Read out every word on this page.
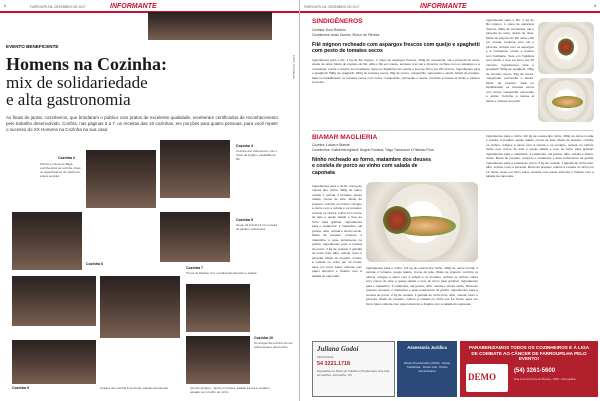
2	FARROUPILHA, DEZEMBRO DE 2017	INFORMANTE
EVENTO BENEFICENTE
Homens na Cozinha:
mix de solidariedade
e alta gastronomia
As finais do jantar, cozinheiros, que brindaram o público com pratos de excelente qualidade, receberam certificados de reconhecimento pelo trabalho desenvolvido. Confira, nas páginas 3 a 7, os receitas das 10 cozinhas, em porções para quatro pessoas, para você repetir o sucesso do XX Homens na Cozinha na sua casa
Fotos: Divulgação
Cozinha 2
Primos e primos do Bagé, cozinha atrás de cozinha, foram os organizadores do rodízio de pratos servidos
Cozinha 3
Cozinha dos Carrevieres, com o risoto de funghi e medalhão de filé
Cozinha 5
Grupo da cozinha 5 com receita de paella e sobremesa
Cozinha 6
Cozinha 7
Turma do Paraíso com o tradicional carreteiro e salada
Cozinha 9
Cozinha 10
Os amigos da cozinha 10 com sobremesas e doces finos
Amigos da cozinha 8 servindo massas artesanais	Quinze amigos... Entre os pratos: salada fresca e cordeiro assado com molho de vinho
FARROUPILHA, DEZEMBRO DE 2017	INFORMANTE	3
SINDIGÊNEROS
Cozinha: Dom Roberto
Cozinheiros: Assis Gomes, Silva e de Ferreira
Filé mignon recheado com aspargos frescos com queijo e spaghetti com pesto de tomates secos
Ingredientes para o filé: 1 kg de filé mignon, 1 maço de aspargos frescos, 200g de mussarela, sal e pimenta do reino, azeite de oliva. Modo de preparo do filé: abra o filé em manta, tempere com sal e pimenta, recheie com os aspargos e a mussarela, enrole e amarre com barbante. Sele em frigideira com azeite e leve ao forno por 25 minutos. Ingredientes para o spaghetti: 500g de spaghetti, 150g de tomates secos, 50g de nozes, manjericão, parmesão e azeite. Modo de preparo: bata no liquidificador os tomates secos com nozes, manjericão, parmesão e azeite. Cozinhe a massa al dente e misture ao pesto.
Ingredientes para o filé: 1 kg de filé mignon, 1 maço de aspargos frescos, 200g de mussarela, sal e pimenta do reino, azeite de oliva. Modo de preparo do filé: abra o filé em manta, tempere com sal e pimenta, recheie com os aspargos e a mussarela, enrole e amarre com barbante. Sele em frigideira com azeite e leve ao forno por 25 minutos. Ingredientes para o spaghetti: 500g de spaghetti, 150g de tomates secos, 50g de nozes, manjericão, parmesão e azeite. Modo de preparo: bata no liquidificador os tomates secos com nozes, manjericão, parmesão e azeite. Cozinhe a massa al dente e misture ao pesto.
BIAMAR MAGLIERIA
Cozinha: Lucian e Biamar
Cozinheiros: Guilherme Agliardi, Ângelo Fontana, Tiago Tomazzoni e Fabiano Fiore
Ninho recheado ao forno, matambre dos deuses e costela de porco ao vinho com salada de caponata
Ingredientes para o ninho: 1/2 kg de massa tipo ninho, 400g de carne moída, 1 cebola, 2 tomates, queijo ralado, creme de leite. Modo de preparo: cozinhe os ninhos, refogue a carne com a cebola e os tomates, recheie os ninhos, cubra com creme de leite e queijo ralado e leve ao forno para gratinar. Ingredientes para o matambre: 1 matambre, sal grosso, alho, cebola e cheiro-verde. Modo de preparo: tempere o matambre e asse lentamente na grelha. Ingredientes para a costela de porco: 2 kg de costela, 1 garrafa de vinho tinto, alho, cebola, louro e pimenta. Modo de preparo: marine a costela no vinho por 12 horas, asse em forno baixo coberta com papel alumínio e finalize com a salada de caponata.
Ingredientes para o ninho: 1/2 kg de massa tipo ninho, 400g de carne moída, 1 cebola, 2 tomates, queijo ralado, creme de leite. Modo de preparo: cozinhe os ninhos, refogue a carne com a cebola e os tomates, recheie os ninhos, cubra com creme de leite e queijo ralado e leve ao forno para gratinar. Ingredientes para o matambre: 1 matambre, sal grosso, alho, cebola e cheiro-verde. Modo de preparo: tempere o matambre e asse lentamente na grelha. Ingredientes para a costela de porco: 2 kg de costela, 1 garrafa de vinho tinto, alho, cebola, louro e pimenta. Modo de preparo: marine a costela no vinho por 12 horas, asse em forno baixo coberta com papel alumínio e finalize com a salada de caponata.
Ingredientes para o ninho: 1/2 kg de massa tipo ninho, 400g de carne moída, 1 cebola, 2 tomates, queijo ralado, creme de leite. Modo de preparo: cozinhe os ninhos, refogue a carne com a cebola e os tomates, recheie os ninhos, cubra com creme de leite e queijo ralado e leve ao forno para gratinar. Ingredientes para o matambre: 1 matambre, sal grosso, alho, cebola e cheiro-verde. Modo de preparo: tempere o matambre e asse lentamente na grelha. Ingredientes para a costela de porco: 2 kg de costela, 1 garrafa de vinho tinto, alho, cebola, louro e pimenta. Modo de preparo: marine a costela no vinho por 12 horas, asse em forno baixo coberta com papel alumínio e finalize com a salada de caponata.
Juliana Godoi
ADVOCACIA
54 3221.1718
Especialista em Direito do Trabalho e Previdenciário. Rua Júlio de Castilhos, Farroupilha - RS
Assessoria Jurídica
Direito Previdenciário (INSS) · Direito Trabalhista · Direito Civil · Direito Administrativo
PARABENIZAMOS TODOS OS COZINHEIROS E À LIGA DE COMBATE AO CÂNCER DE FARROUPILHA PELO EVENTO!
DEMO
(54) 3261-5600
Rua Coronel Pena de Moraes, 1000 - Farroupilha
